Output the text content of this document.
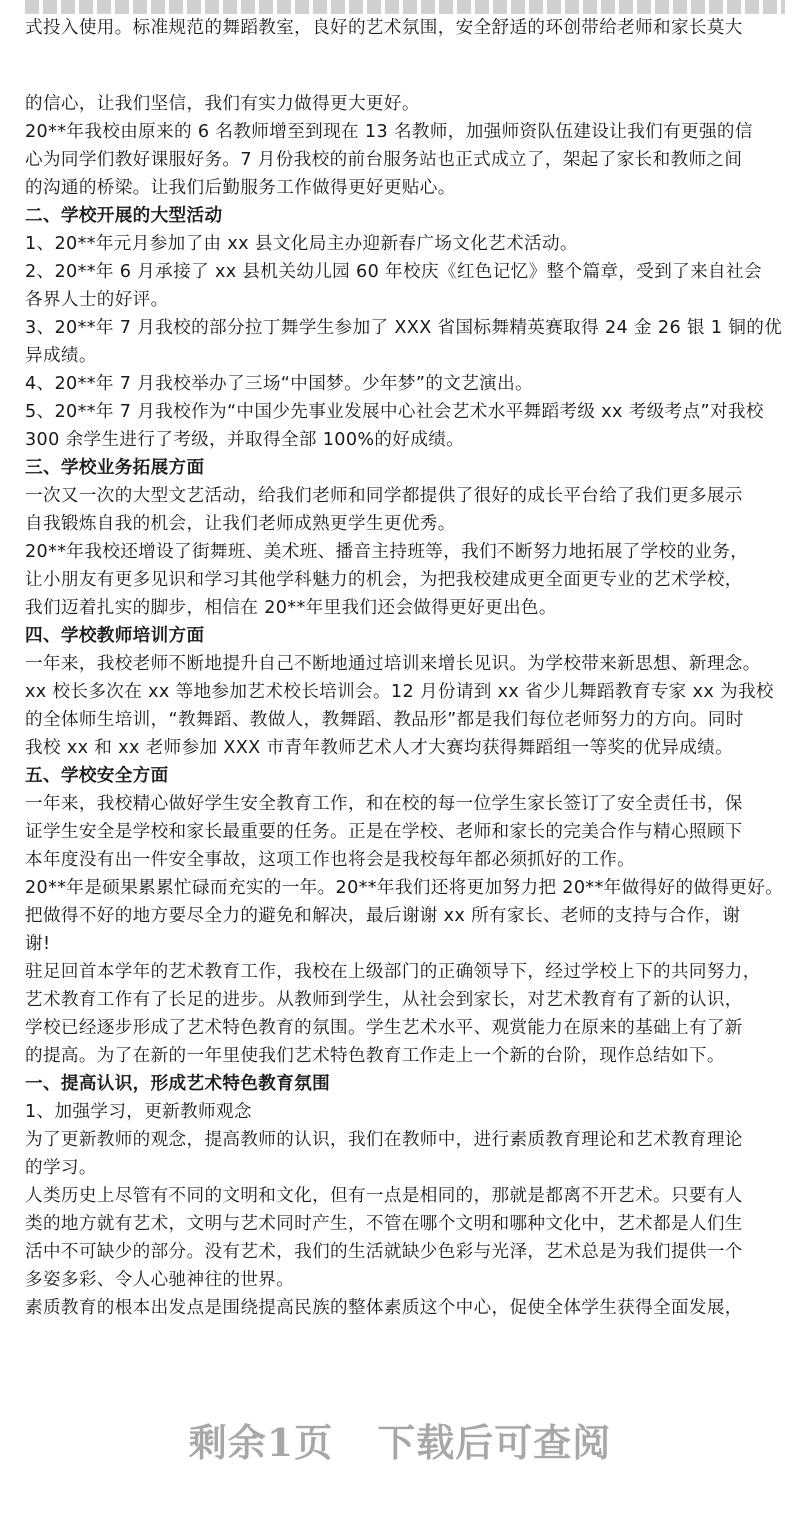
式投入使用。标准规范的舞蹈教室，良好的艺术氛围，安全舒适的环创带给老师和家长莫大
的信心，让我们坚信，我们有实力做得更大更好。
20**年我校由原来的 6 名教师增至到现在 13 名教师，加强师资队伍建设让我们有更强的信
心为同学们教好课服好务。7 月份我校的前台服务站也正式成立了，架起了家长和教师之间
的沟通的桥梁。让我们后勤服务工作做得更好更贴心。
二、学校开展的大型活动
1、20**年元月参加了由 xx 县文化局主办迎新春广场文化艺术活动。
2、20**年 6 月承接了 xx 县机关幼儿园 60 年校庆《红色记忆》整个篇章，受到了来自社会
各界人士的好评。
3、20**年 7 月我校的部分拉丁舞学生参加了 XXX 省国标舞精英赛取得 24 金 26 银 1 铜的优
异成绩。
4、20**年 7 月我校举办了三场“中国梦。少年梦”的文艺演出。
5、20**年 7 月我校作为“中国少先事业发展中心社会艺术水平舞蹈考级 xx 考级考点”对我校
300 余学生进行了考级，并取得全部 100%的好成绩。
三、学校业务拓展方面
一次又一次的大型文艺活动，给我们老师和同学都提供了很好的成长平台给了我们更多展示
自我锻炼自我的机会，让我们老师成熟更学生更优秀。
20**年我校还增设了街舞班、美术班、播音主持班等，我们不断努力地拓展了学校的业务，
让小朋友有更多见识和学习其他学科魅力的机会，为把我校建成更全面更专业的艺术学校，
我们迈着扎实的脚步，相信在 20**年里我们还会做得更好更出色。
四、学校教师培训方面
一年来，我校老师不断地提升自己不断地通过培训来增长见识。为学校带来新思想、新理念。
xx 校长多次在 xx 等地参加艺术校长培训会。12 月份请到 xx 省少儿舞蹈教育专家 xx 为我校
的全体师生培训，“教舞蹈、教做人，教舞蹈、教品形”都是我们每位老师努力的方向。同时
我校 xx 和 xx 老师参加 XXX 市青年教师艺术人才大赛均获得舞蹈组一等奖的优异成绩。
五、学校安全方面
一年来，我校精心做好学生安全教育工作，和在校的每一位学生家长签订了安全责任书，保
证学生安全是学校和家长最重要的任务。正是在学校、老师和家长的完美合作与精心照顾下
本年度没有出一件安全事故，这项工作也将会是我校每年都必须抓好的工作。
20**年是硕果累累忙碌而充实的一年。20**年我们还将更加努力把 20**年做得好的做得更好。
把做得不好的地方要尽全力的避免和解决，最后谢谢 xx 所有家长、老师的支持与合作，谢
谢!
驻足回首本学年的艺术教育工作，我校在上级部门的正确领导下，经过学校上下的共同努力，
艺术教育工作有了长足的进步。从教师到学生，从社会到家长，对艺术教育有了新的认识，
学校已经逐步形成了艺术特色教育的氛围。学生艺术水平、观赏能力在原来的基础上有了新
的提高。为了在新的一年里使我们艺术特色教育工作走上一个新的台阶，现作总结如下。
一、提高认识，形成艺术特色教育氛围
1、加强学习，更新教师观念
为了更新教师的观念，提高教师的认识，我们在教师中，进行素质教育理论和艺术教育理论
的学习。
人类历史上尽管有不同的文明和文化，但有一点是相同的，那就是都离不开艺术。只要有人
类的地方就有艺术，文明与艺术同时产生，不管在哪个文明和哪种文化中，艺术都是人们生
活中不可缺少的部分。没有艺术，我们的生活就缺少色彩与光泽，艺术总是为我们提供一个
多姿多彩、令人心驰神往的世界。
素质教育的根本出发点是围绕提高民族的整体素质这个中心，促使全体学生获得全面发展，
剩余1页 下载后可查阅
